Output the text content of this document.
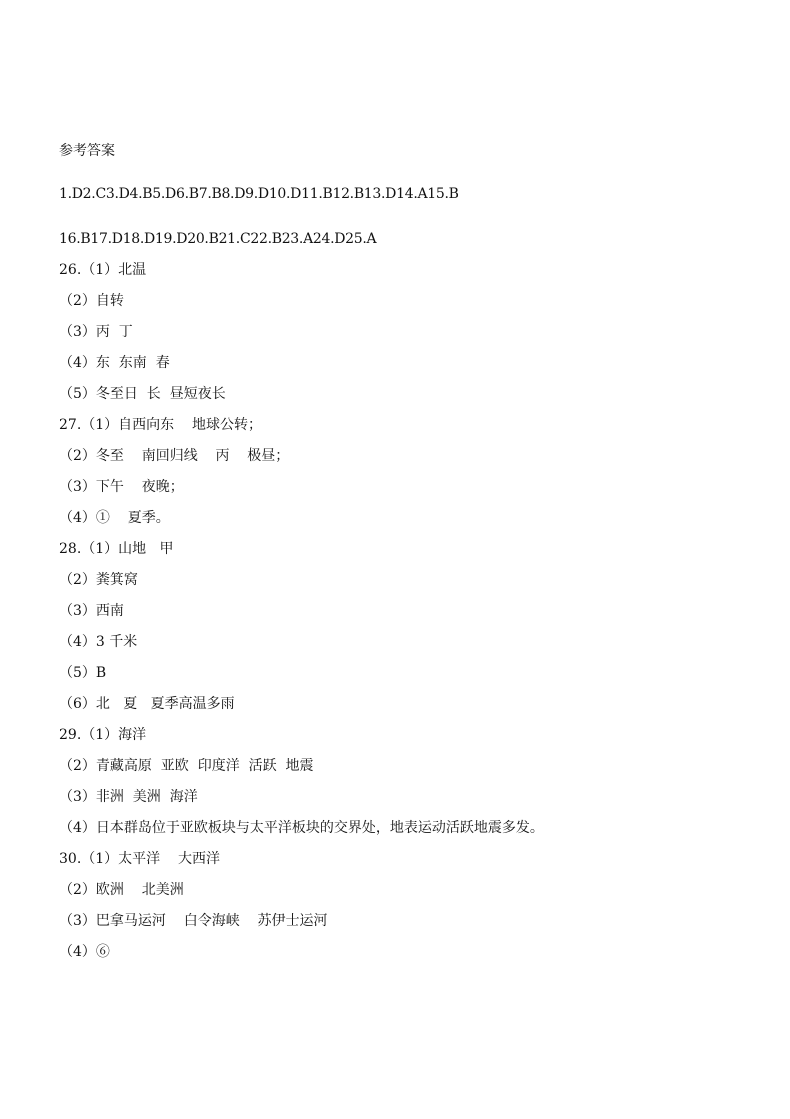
参考答案
1.D2.C3.D4.B5.D6.B7.B8.D9.D10.D11.B12.B13.D14.A15.B
16.B17.D18.D19.D20.B21.C22.B23.A24.D25.A
26.（1）北温
（2）自转
（3）丙  丁
（4）东  东南  春
（5）冬至日  长  昼短夜长
27.（1）自西向东    地球公转；
（2）冬至    南回归线    丙    极昼；
（3）下午    夜晚；
（4）①    夏季。
28.（1）山地   甲
（2）粪箕窝
（3）西南
（4）3 千米
（5）B
（6）北   夏   夏季高温多雨
29.（1）海洋
（2）青藏高原  亚欧  印度洋  活跃  地震
（3）非洲  美洲  海洋
（4）日本群岛位于亚欧板块与太平洋板块的交界处，地表运动活跃地震多发。
30.（1）太平洋    大西洋
（2）欧洲    北美洲
（3）巴拿马运河    白令海峡    苏伊士运河
（4）⑥
